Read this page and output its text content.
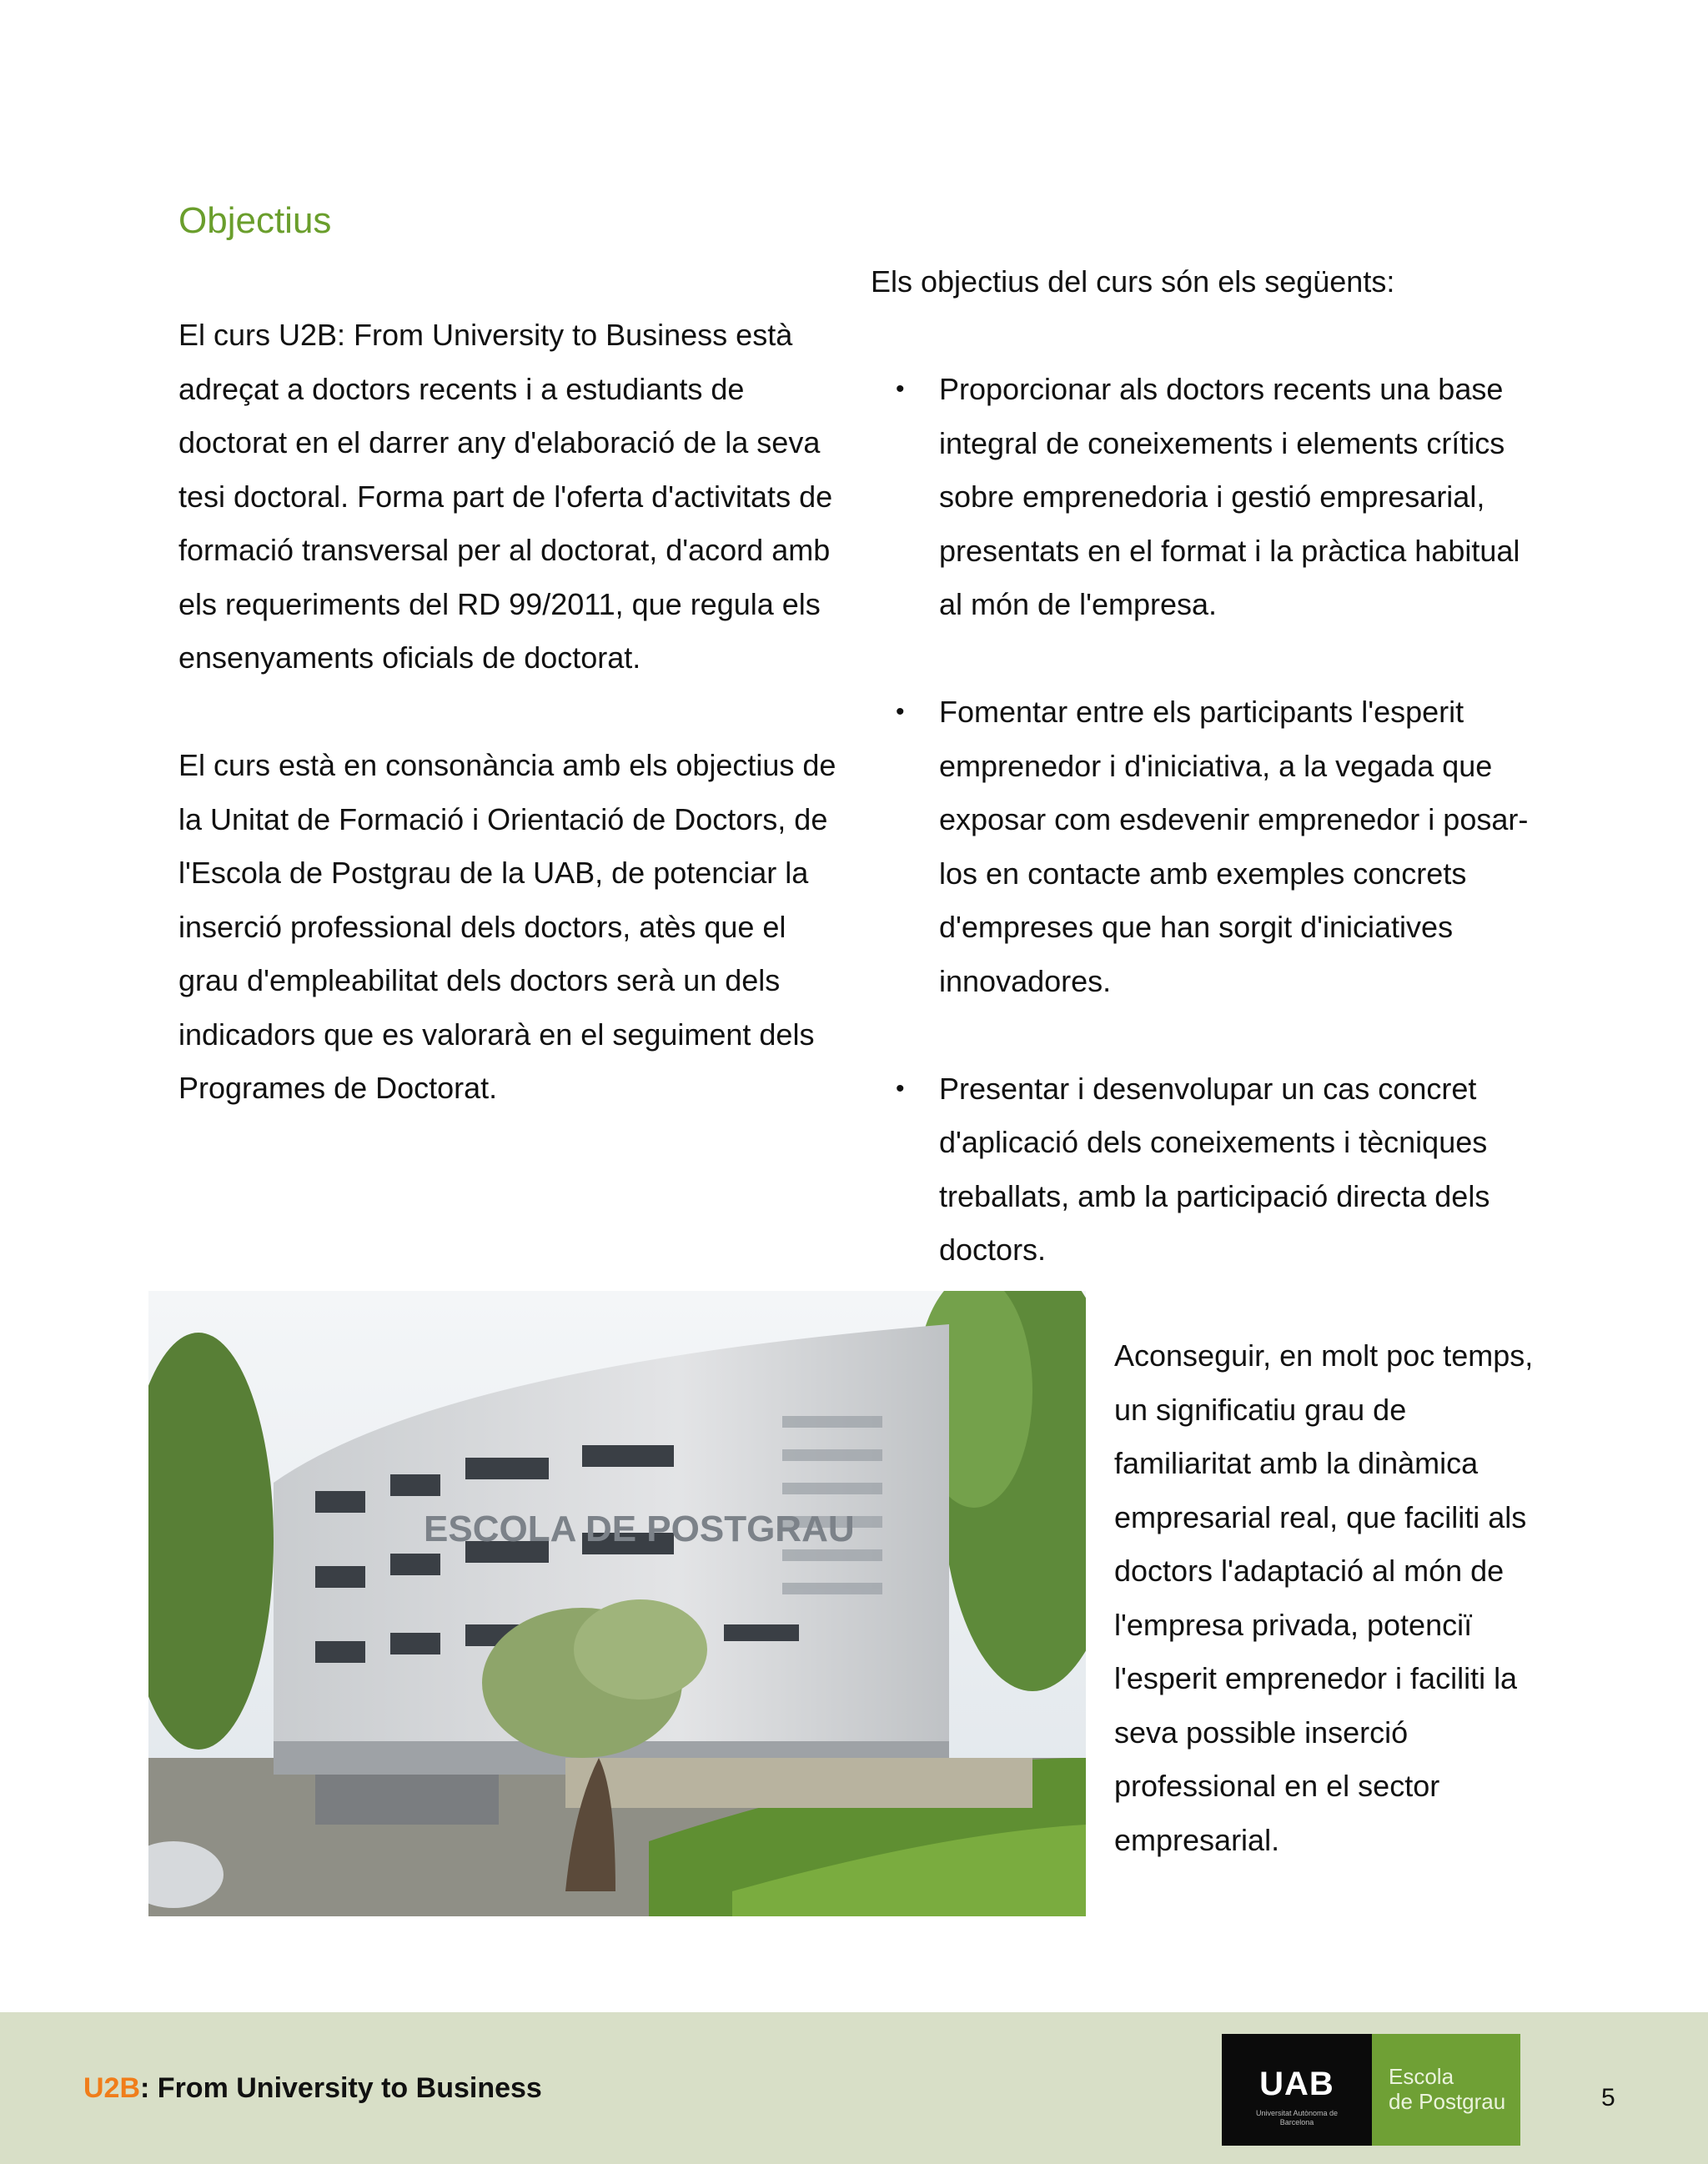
Objectius

El curs U2B: From University to Business està adreçat a doctors recents i a estudiants de doctorat en el darrer any d'elaboració de la seva tesi doctoral. Forma part de l'oferta d'activitats de formació transversal per al doctorat, d'acord amb els requeriments del RD 99/2011, que regula els ensenyaments oficials de doctorat.

El curs està en consonància amb els objectius de la Unitat de Formació i Orientació de Doctors, de l'Escola de Postgrau de la UAB, de potenciar la inserció professional dels doctors, atès que el grau d'empleabilitat dels doctors serà un dels indicadors que es valorarà en el seguiment dels Programes de Doctorat.

Els objectius del curs són els següents:

• Proporcionar als doctors recents una base integral de coneixements i elements crítics sobre emprenedoria i gestió empresarial, presentats en el format i la pràctica habitual al món de l'empresa.
• Fomentar entre els participants l'esperit emprenedor i d'iniciativa, a la vegada que exposar com esdevenir emprenedor i posar-los en contacte amb exemples concrets d'empreses que han sorgit d'iniciatives innovadores.
• Presentar i desenvolupar un cas concret d'aplicació dels coneixements i tècniques treballats, amb la participació directa dels doctors.
ESCOLA DE POSTGRAU

Aconseguir, en molt poc temps, un significatiu grau de familiaritat amb la dinàmica empresarial real, que faciliti als doctors l'adaptació al món de l'empresa privada, potenciï l'esperit emprenedor i faciliti la seva possible inserció professional en el sector empresarial.

U2B: From University to Business	UAB
Universitat Autònoma de Barcelona
Escola
de Postgrau	5
